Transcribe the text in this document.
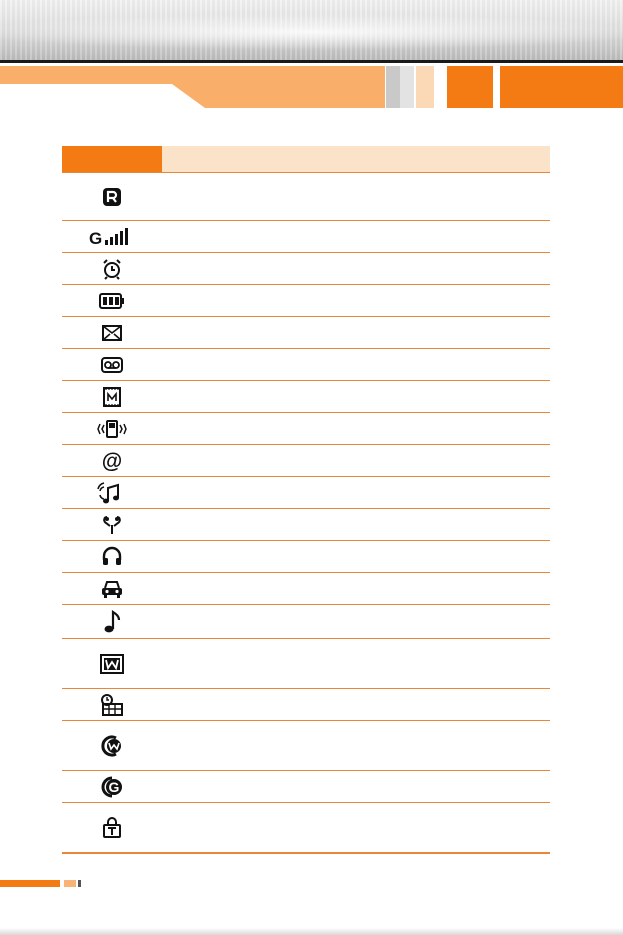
G	

@	

G	
